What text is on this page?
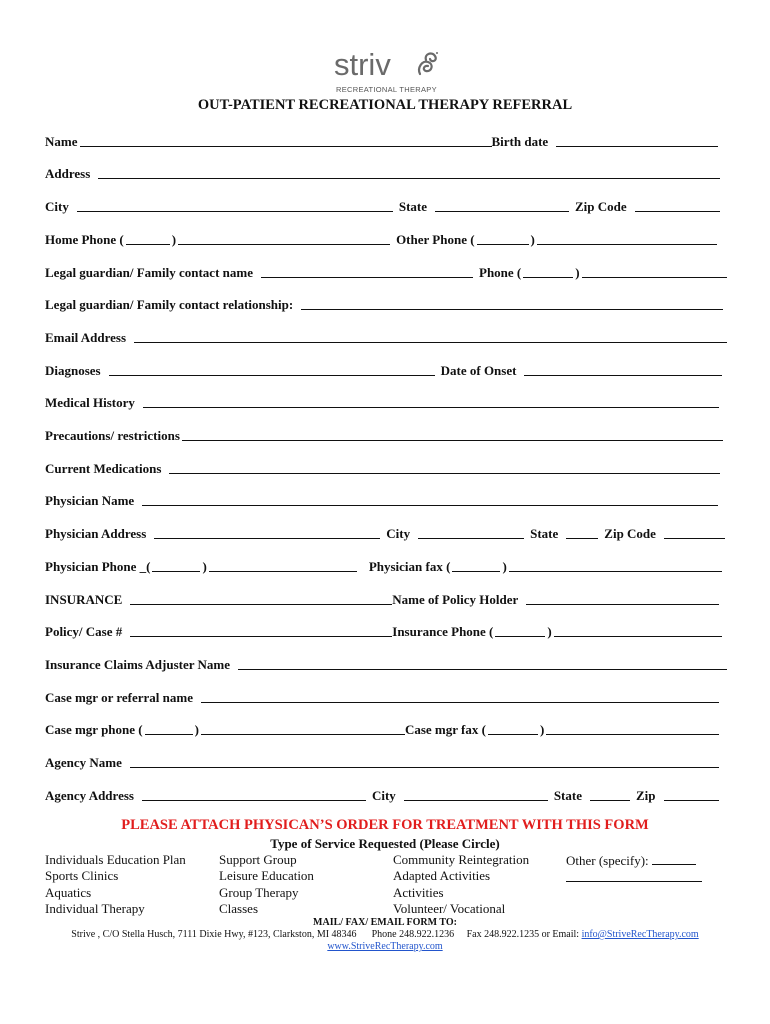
striv
RECREATIONAL THERAPY
OUT-PATIENT RECREATIONAL THERAPY REFERRAL
Name	Birth date
Address
City	State	Zip Code
Home Phone (	)	Other Phone (	)
Legal guardian/ Family contact name	Phone (	)
Legal guardian/ Family contact relationship:
Email Address
Diagnoses	Date of Onset
Medical History
Precautions/ restrictions
Current Medications
Physician Name
Physician Address	City	State	Zip Code
Physician Phone _(	)	Physician fax (	)
INSURANCE	Name of Policy Holder
Policy/ Case #	Insurance Phone (	)
Insurance Claims Adjuster Name
Case mgr or referral name
Case mgr phone (	)	Case mgr fax (	)
Agency Name
Agency Address	City	State	Zip
PLEASE ATTACH PHYSICAN’S ORDER FOR TREATMENT WITH THIS FORM
Type of Service Requested (Please Circle)
Individuals Education Plan
Sports Clinics
Aquatics
Individual Therapy
Support Group
Leisure Education
Group Therapy
Classes
Community Reintegration
Adapted Activities
Activities
Volunteer/ Vocational
Other (specify):
MAIL/ FAX/ EMAIL FORM TO:
Strive , C/O Stella Husch, 7111 Dixie Hwy, #123, Clarkston, MI 48346 Phone 248.922.1236 Fax 248.922.1235 or Email: info@StriveRecTherapy.com
www.StriveRecTherapy.com
